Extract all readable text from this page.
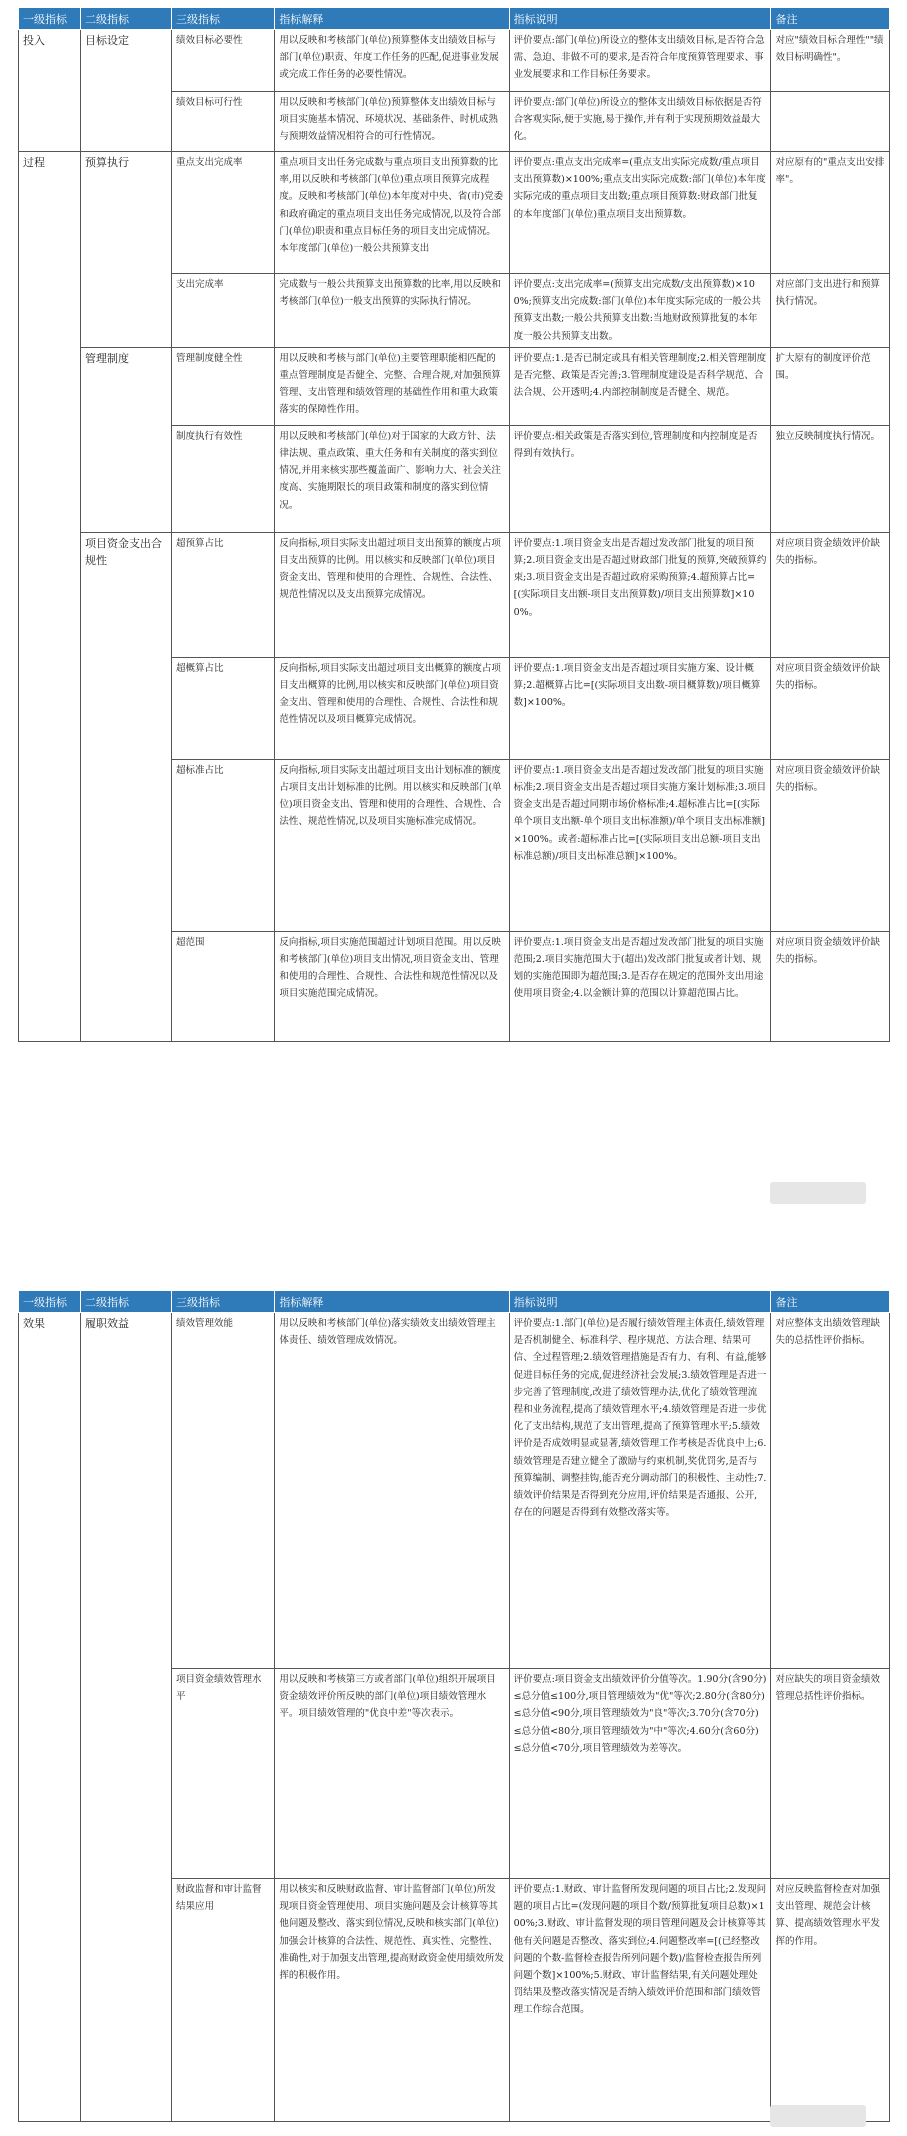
一级指标	二级指标	三级指标	指标解释	指标说明	备注
投入	目标设定	绩效目标必要性	用以反映和考核部门(单位)预算整体支出绩效目标与部门(单位)职责、年度工作任务的匹配,促进事业发展或完成工作任务的必要性情况。	评价要点:部门(单位)所设立的整体支出绩效目标,是否符合急需、急迫、非做不可的要求,是否符合年度预算管理要求、事业发展要求和工作目标任务要求。	对应"绩效目标合理性""绩效目标明确性"。
		绩效目标可行性	用以反映和考核部门(单位)预算整体支出绩效目标与项目实施基本情况、环境状况、基础条件、时机成熟与预期效益情况相符合的可行性情况。	评价要点:部门(单位)所设立的整体支出绩效目标依据是否符合客观实际,便于实施,易于操作,并有利于实现预期效益最大化。	
过程	预算执行	重点支出完成率	重点项目支出任务完成数与重点项目支出预算数的比率,用以反映和考核部门(单位)重点项目预算完成程度。反映和考核部门(单位)本年度对中央、省(市)党委和政府确定的重点项目支出任务完成情况,以及符合部门(单位)职责和重点目标任务的项目支出完成情况。本年度部门(单位)一般公共预算支出	评价要点:重点支出完成率=(重点支出实际完成数/重点项目支出预算数)×100%;重点支出实际完成数:部门(单位)本年度实际完成的重点项目支出数;重点项目预算数:财政部门批复的本年度部门(单位)重点项目支出预算数。	对应原有的"重点支出安排率"。
		支出完成率	完成数与一般公共预算支出预算数的比率,用以反映和考核部门(单位)一般支出预算的实际执行情况。	评价要点:支出完成率=(预算支出完成数/支出预算数)×100%;预算支出完成数:部门(单位)本年度实际完成的一般公共预算支出数;一般公共预算支出数:当地财政预算批复的本年度一般公共预算支出数。	对应部门支出进行和预算执行情况。
	管理制度	管理制度健全性	用以反映和考核与部门(单位)主要管理职能相匹配的重点管理制度是否健全、完整、合理合规,对加强预算管理、支出管理和绩效管理的基础性作用和重大政策落实的保障性作用。	评价要点:1.是否已制定或具有相关管理制度;2.相关管理制度是否完整、政策是否完善;3.管理制度建设是否科学规范、合法合规、公开透明;4.内部控制制度是否健全、规范。	扩大原有的制度评价范围。
		制度执行有效性	用以反映和考核部门(单位)对于国家的大政方针、法律法规、重点政策、重大任务和有关制度的落实到位情况,并用来核实那些覆盖面广、影响力大、社会关注度高、实施期限长的项目政策和制度的落实到位情况。	评价要点:相关政策是否落实到位,管理制度和内控制度是否得到有效执行。	独立反映制度执行情况。
	项目资金支出合规性	超预算占比	反向指标,项目实际支出超过项目支出预算的额度占项目支出预算的比例。用以核实和反映部门(单位)项目资金支出、管理和使用的合理性、合规性、合法性、规范性情况以及支出预算完成情况。	评价要点:1.项目资金支出是否超过发改部门批复的项目预算;2.项目资金支出是否超过财政部门批复的预算,突破预算约束;3.项目资金支出是否超过政府采购预算;4.超预算占比=[(实际项目支出额-项目支出预算数)/项目支出预算数]×100%。	对应项目资金绩效评价缺失的指标。
		超概算占比	反向指标,项目实际支出超过项目支出概算的额度占项目支出概算的比例,用以核实和反映部门(单位)项目资金支出、管理和使用的合理性、合规性、合法性和规范性情况以及项目概算完成情况。	评价要点:1.项目资金支出是否超过项目实施方案、设计概算;2.超概算占比=[(实际项目支出数-项目概算数)/项目概算数]×100%。	对应项目资金绩效评价缺失的指标。
		超标准占比	反向指标,项目实际支出超过项目支出计划标准的额度占项目支出计划标准的比例。用以核实和反映部门(单位)项目资金支出、管理和使用的合理性、合规性、合法性、规范性情况,以及项目实施标准完成情况。	评价要点:1.项目资金支出是否超过发改部门批复的项目实施标准;2.项目资金支出是否超过项目实施方案计划标准;3.项目资金支出是否超过同期市场价格标准;4.超标准占比=[(实际单个项目支出额-单个项目支出标准额)/单个项目支出标准额]×100%。或者:超标准占比=[(实际项目支出总额-项目支出标准总额)/项目支出标准总额]×100%。	对应项目资金绩效评价缺失的指标。
		超范围	反向指标,项目实施范围超过计划项目范围。用以反映和考核部门(单位)项目支出情况,项目资金支出、管理和使用的合理性、合规性、合法性和规范性情况以及项目实施范围完成情况。	评价要点:1.项目资金支出是否超过发改部门批复的项目实施范围;2.项目实施范围大于(超出)发改部门批复或者计划、规划的实施范围即为超范围;3.是否存在规定的范围外支出用途使用项目资金;4.以金额计算的范围以计算超范围占比。	对应项目资金绩效评价缺失的指标。
一级指标	二级指标	三级指标	指标解释	指标说明	备注
效果	履职效益	绩效管理效能	用以反映和考核部门(单位)落实绩效支出绩效管理主体责任、绩效管理成效情况。	评价要点:1.部门(单位)是否履行绩效管理主体责任,绩效管理是否机制健全、标准科学、程序规范、方法合理、结果可信、全过程管理;2.绩效管理措施是否有力、有利、有益,能够促进目标任务的完成,促进经济社会发展;3.绩效管理是否进一步完善了管理制度,改进了绩效管理办法,优化了绩效管理流程和业务流程,提高了绩效管理水平;4.绩效管理是否进一步优化了支出结构,规范了支出管理,提高了预算管理水平;5.绩效评价是否成效明显或显著,绩效管理工作考核是否优良中上;6.绩效管理是否建立健全了激励与约束机制,奖优罚劣,是否与预算编制、调整挂钩,能否充分调动部门的积极性、主动性;7.绩效评价结果是否得到充分应用,评价结果是否通报、公开,存在的问题是否得到有效整改落实等。	对应整体支出绩效管理缺失的总括性评价指标。
		项目资金绩效管理水平	用以反映和考核第三方或者部门(单位)组织开展项目资金绩效评价所反映的部门(单位)项目绩效管理水平。项目绩效管理的"优良中差"等次表示。	评价要点:项目资金支出绩效评价分值等次。1.90分(含90分)≤总分值≤100分,项目管理绩效为"优"等次;2.80分(含80分)≤总分值<90分,项目管理绩效为"良"等次;3.70分(含70分)≤总分值<80分,项目管理绩效为"中"等次;4.60分(含60分)≤总分值<70分,项目管理绩效为差等次。	对应缺失的项目资金绩效管理总括性评价指标。
		财政监督和审计监督结果应用	用以核实和反映财政监督、审计监督部门(单位)所发现项目资金管理使用、项目实施问题及会计核算等其他问题及整改、落实到位情况,反映和核实部门(单位)加强会计核算的合法性、规范性、真实性、完整性、准确性,对于加强支出管理,提高财政资金使用绩效所发挥的积极作用。	评价要点:1.财政、审计监督所发现问题的项目占比;2.发现问题的项目占比=(发现问题的项目个数/预算批复项目总数)×100%;3.财政、审计监督发现的项目管理问题及会计核算等其他有关问题是否整改、落实到位;4.问题整改率=[(已经整改问题的个数-监督检查报告所列问题个数)/监督检查报告所列问题个数]×100%;5.财政、审计监督结果,有关问题处理处罚结果及整改落实情况是否纳入绩效评价范围和部门绩效管理工作综合范围。	对应反映监督检查对加强支出管理、规范会计核算、提高绩效管理水平发挥的作用。
